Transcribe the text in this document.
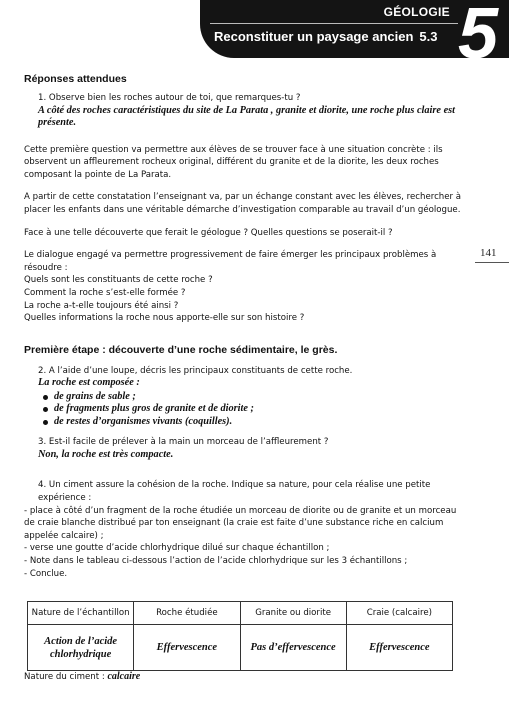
GÉOLOGIE
Reconstituer un paysage ancien 5.3 5
141

Réponses attendues

1. Observe bien les roches autour de toi, que remarques-tu ?

A côté des roches caractéristiques du site de La Parata , granite et diorite, une roche plus claire est présente.

Cette première question va permettre aux élèves de se trouver face à une situation concrète : ils observent un affleurement rocheux original, différent du granite et de la diorite, les deux roches composant la pointe de La Parata.

A partir de cette constatation l’enseignant va, par un échange constant avec les élèves, rechercher à placer les enfants dans une véritable démarche d’investigation comparable au travail d’un géologue.

Face à une telle découverte que ferait le géologue ? Quelles questions se poserait-il ?

Le dialogue engagé va permettre progressivement de faire émerger les principaux problèmes à résoudre :

Quels sont les constituants de cette roche ?

Comment la roche s’est-elle formée ?

La roche a-t-elle toujours été ainsi ?

Quelles informations la roche nous apporte-elle sur son histoire ?

Première étape : découverte d’une roche sédimentaire, le grès.

2. A l’aide d’une loupe, décris les principaux constituants de cette roche.

La roche est composée :

de grains de sable ;
de fragments plus gros de granite et de diorite ;
de restes d’organismes vivants (coquilles).

3. Est-il facile de prélever à la main un morceau de l’affleurement ?

Non, la roche est très compacte.

4. Un ciment assure la cohésion de la roche. Indique sa nature, pour cela réalise une petite expérience :

- place à côté d’un fragment de la roche étudiée un morceau de diorite ou de granite et un morceau de craie blanche distribué par ton enseignant (la craie est faite d’une substance riche en calcium appelée calcaire) ;

- verse une goutte d’acide chlorhydrique dilué sur chaque échantillon ;

- Note dans le tableau ci-dessous l’action de l’acide chlorhydrique sur les 3 échantillons ;

- Conclue.

Nature de l’échantillon	Roche étudiée	Granite ou diorite	Craie (calcaire)
Action de l’acide chlorhydrique	Effervescence	Pas d’effervescence	Effervescence

Nature du ciment : calcaire
